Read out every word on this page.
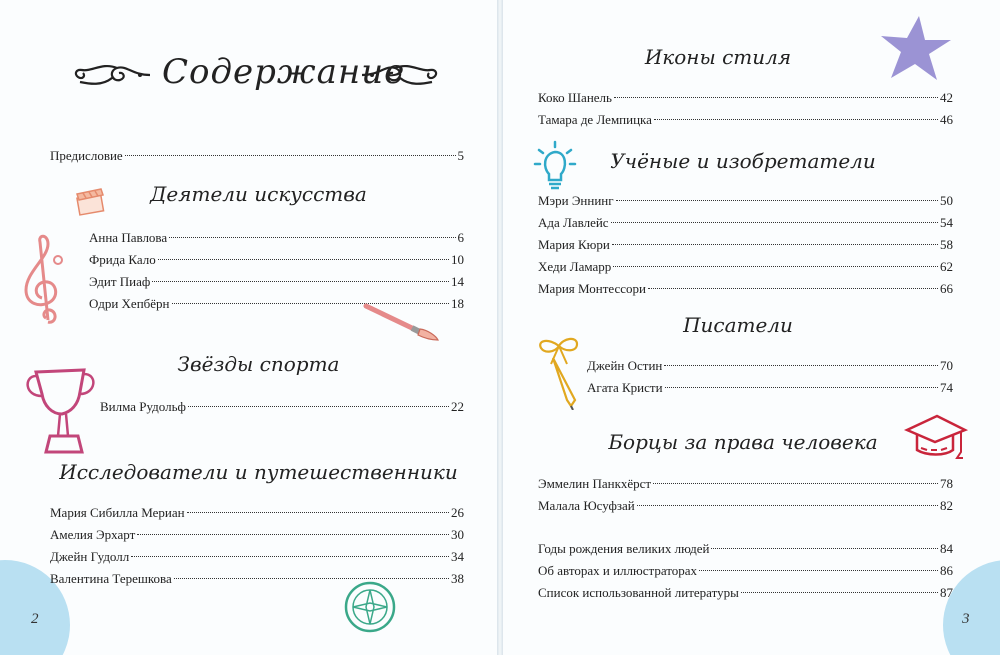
2
Содержание
Предисловие	5
Деятели искусства
Анна Павлова	6
Фрида Кало	10
Эдит Пиаф	14
Одри Хепбёрн	18
Звёзды спорта
Вилма Рудольф	22
Исследователи и путешественники
Мария Сибилла Мериан	26
Амелия Эрхарт	30
Джейн Гудолл	34
Валентина Терешкова	38
3
Иконы стиля
Коко Шанель	42
Тамара де Лемпицка	46
Учёные и изобретатели
Мэри Эннинг	50
Ада Лавлейс	54
Мария Кюри	58
Хеди Ламарр	62
Мария Монтессори	66
Писатели
Джейн Остин	70
Агата Кристи	74
Борцы за права человека
Эммелин Панкхёрст	78
Малала Юсуфзай	82
Годы рождения великих людей	84
Об авторах и иллюстраторах	86
Список использованной литературы	87
